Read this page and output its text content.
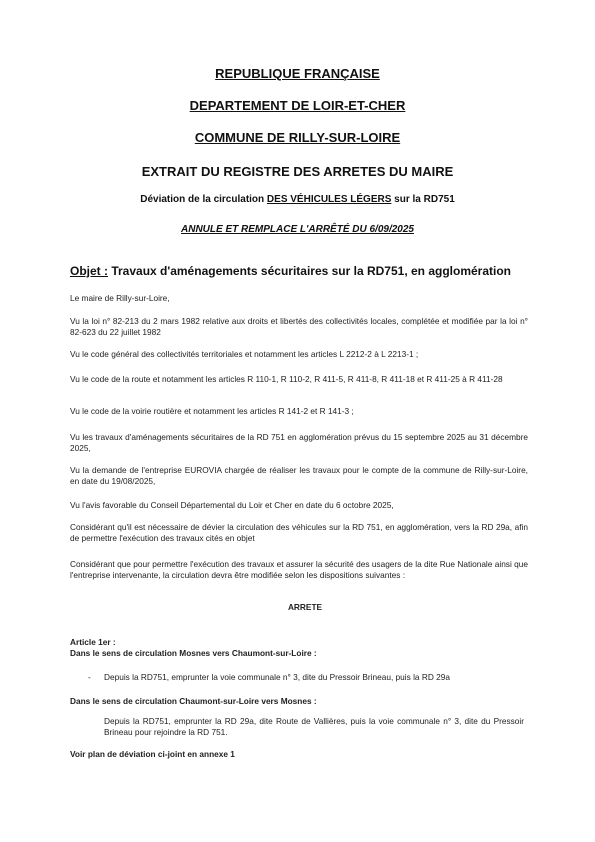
REPUBLIQUE FRANÇAISE
DEPARTEMENT DE LOIR-ET-CHER
COMMUNE DE RILLY-SUR-LOIRE
EXTRAIT DU REGISTRE DES ARRETES DU MAIRE
Déviation de la circulation DES VÉHICULES LÉGERS sur la RD751
ANNULE ET REMPLACE L'ARRÊTÉ DU 6/09/2025
Objet : Travaux d'aménagements sécuritaires sur la RD751, en agglomération
Le maire de Rilly-sur-Loire,
Vu la loi n° 82-213 du 2 mars 1982 relative aux droits et libertés des collectivités locales, complétée et modifiée par la loi n° 82-623 du 22 juillet 1982
Vu le code général des collectivités territoriales et notamment les articles L 2212-2 à L 2213-1 ;
Vu le code de la route et notamment les articles R 110-1, R 110-2, R 411-5, R 411-8, R 411-18 et R 411-25 à R 411-28
Vu le code de la voirie routière et notamment les articles R 141-2 et R 141-3 ;
Vu les travaux d'aménagements sécuritaires de la RD 751 en agglomération prévus du 15 septembre 2025 au 31 décembre 2025,
Vu la demande de l'entreprise EUROVIA chargée de réaliser les travaux pour le compte de la commune de Rilly-sur-Loire, en date du 19/08/2025,
Vu l'avis favorable du Conseil Départemental du Loir et Cher en date du 6 octobre 2025,
Considérant qu'il est nécessaire de dévier la circulation des véhicules sur la RD 751, en agglomération, vers la RD 29a, afin de permettre l'exécution des travaux cités en objet
Considérant que pour permettre l'exécution des travaux et assurer la sécurité des usagers de la dite Rue Nationale ainsi que l'entreprise intervenante, la circulation devra être modifiée selon les dispositions suivantes :
ARRETE
Article 1er :
Dans le sens de circulation Mosnes vers Chaumont-sur-Loire :
- Depuis la RD751, emprunter la voie communale n° 3, dite du Pressoir Brineau, puis la RD 29a
Dans le sens de circulation Chaumont-sur-Loire vers Mosnes :
Depuis la RD751, emprunter la RD 29a, dite Route de Vallières, puis la voie communale n° 3, dite du Pressoir Brineau pour rejoindre la RD 751.
Voir plan de déviation ci-joint en annexe 1
